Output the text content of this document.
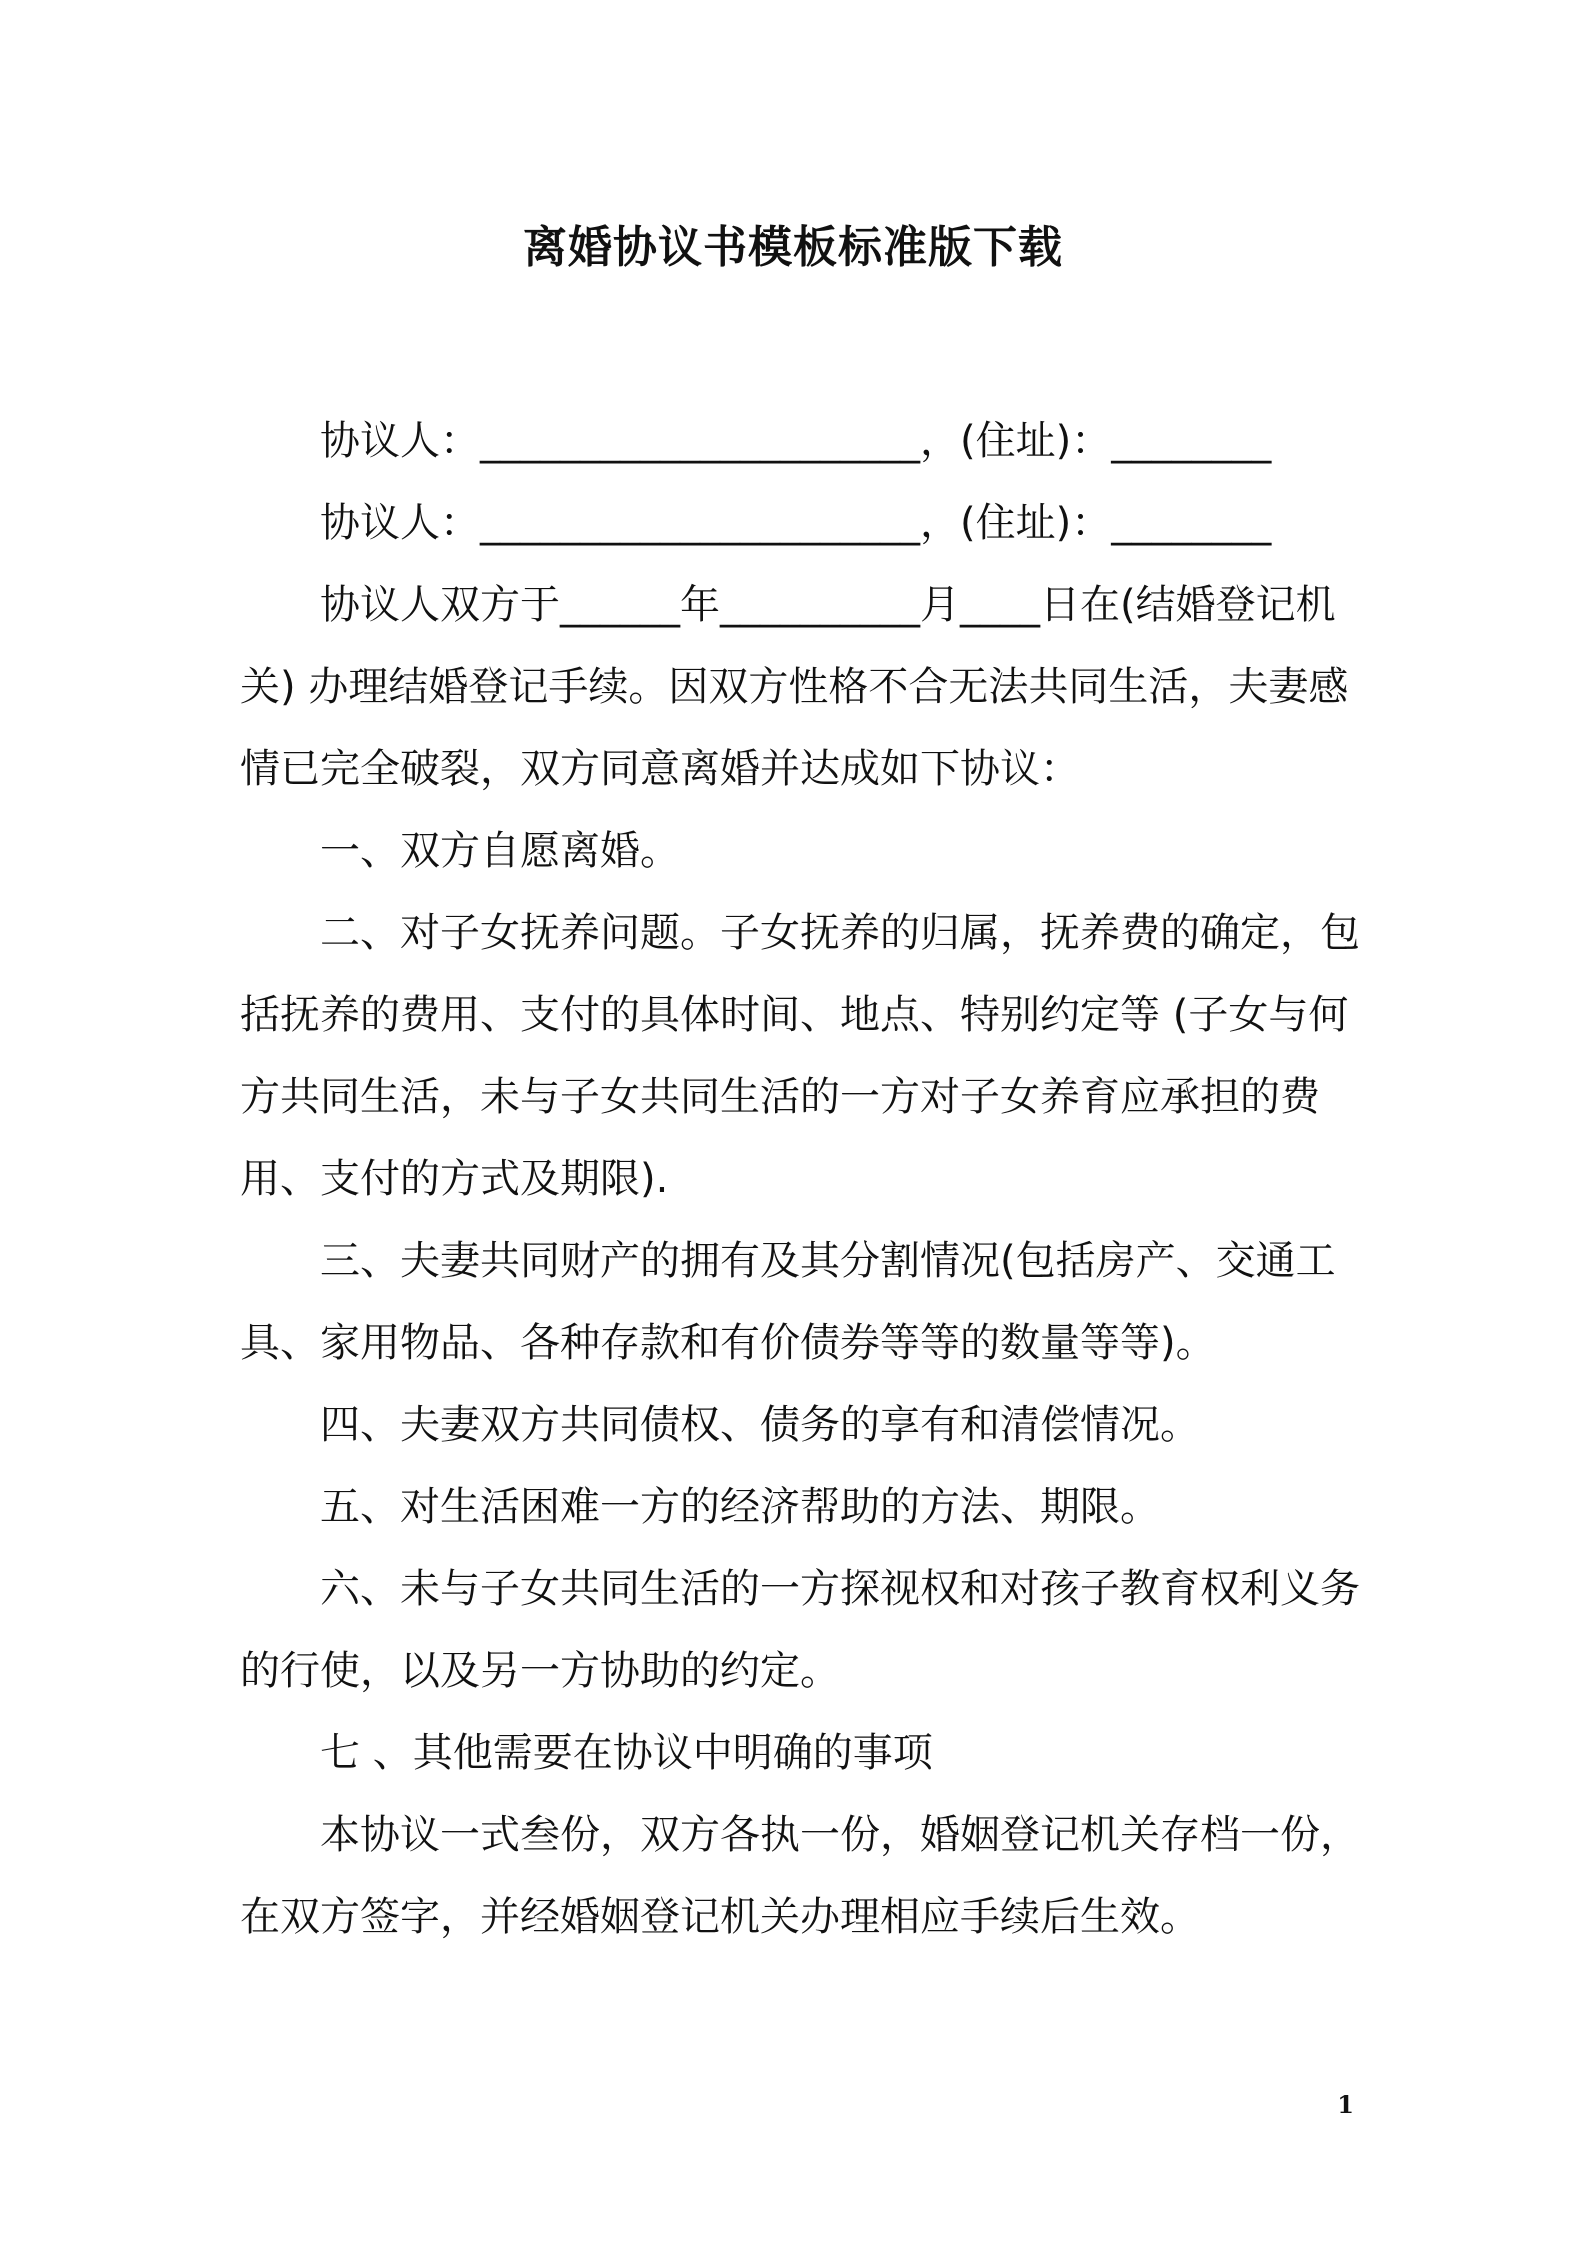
离婚协议书模板标准版下载

协议人：______________________，(住址)：________

协议人：______________________，(住址)：________

协议人双方于______年__________月____日在(结婚登记机关) 办理结婚登记手续。因双方性格不合无法共同生活，夫妻感情已完全破裂，双方同意离婚并达成如下协议：

一、双方自愿离婚。

二、对子女抚养问题。子女抚养的归属，抚养费的确定，包括抚养的费用、支付的具体时间、地点、特别约定等 (子女与何方共同生活，未与子女共同生活的一方对子女养育应承担的费用、支付的方式及期限).

三、夫妻共同财产的拥有及其分割情况(包括房产、交通工具、家用物品、各种存款和有价债券等等的数量等等)。

四、夫妻双方共同债权、债务的享有和清偿情况。

五、对生活困难一方的经济帮助的方法、期限。

六、未与子女共同生活的一方探视权和对孩子教育权利义务的行使，以及另一方协助的约定。

七 、其他需要在协议中明确的事项

本协议一式叁份，双方各执一份，婚姻登记机关存档一份，在双方签字，并经婚姻登记机关办理相应手续后生效。

1
